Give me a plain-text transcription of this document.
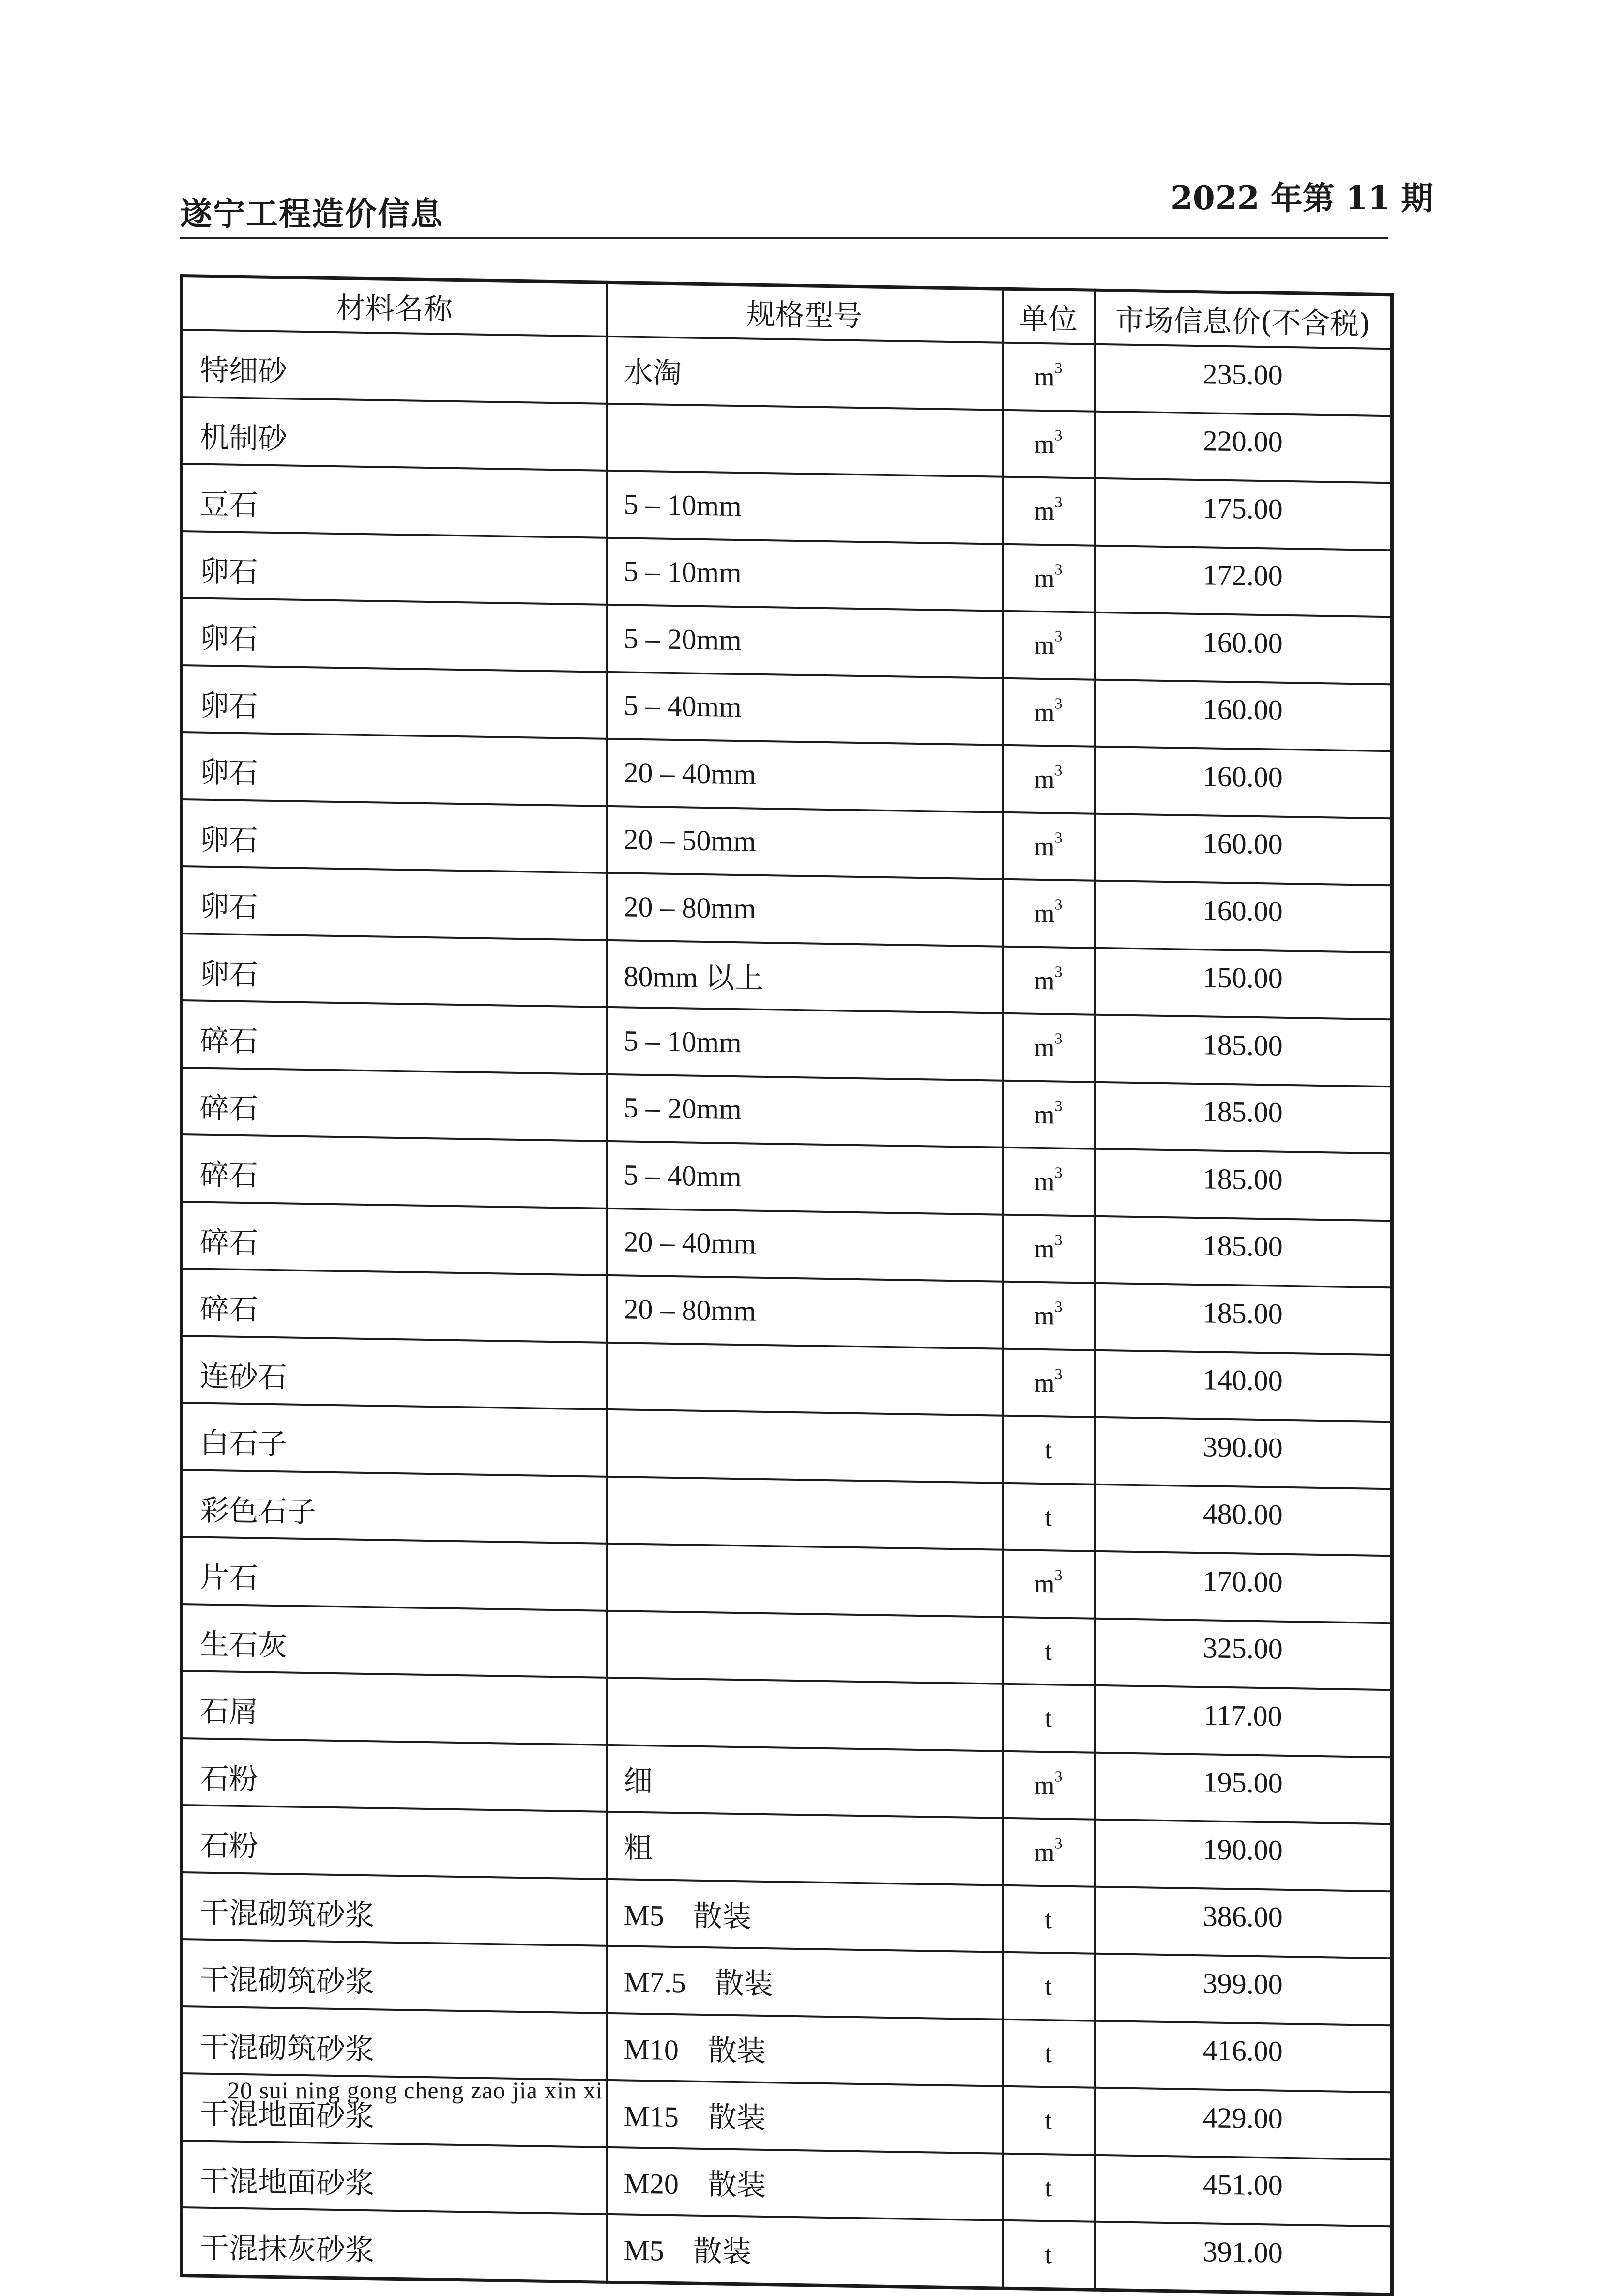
遂宁工程造价信息	2022 年第 11 期
材料名称	规格型号	单位	市场信息价(不含税)
特细砂	水淘	$m^3$	235.00
机制砂		$m^3$	220.00
豆石	5 – 10mm	$m^3$	175.00
卵石	5 – 10mm	$m^3$	172.00
卵石	5 – 20mm	$m^3$	160.00
卵石	5 – 40mm	$m^3$	160.00
卵石	20 – 40mm	$m^3$	160.00
卵石	20 – 50mm	$m^3$	160.00
卵石	20 – 80mm	$m^3$	160.00
卵石	80mm 以上	$m^3$	150.00
碎石	5 – 10mm	$m^3$	185.00
碎石	5 – 20mm	$m^3$	185.00
碎石	5 – 40mm	$m^3$	185.00
碎石	20 – 40mm	$m^3$	185.00
碎石	20 – 80mm	$m^3$	185.00
连砂石		$m^3$	140.00
白石子		t	390.00
彩色石子		t	480.00
片石		$m^3$	170.00
生石灰		t	325.00
石屑		t	117.00
石粉	细	$m^3$	195.00
石粉	粗	$m^3$	190.00
干混砌筑砂浆	M5　散装	t	386.00
干混砌筑砂浆	M7.5　散装	t	399.00
干混砌筑砂浆	M10　散装	t	416.00
干混地面砂浆	M15　散装	t	429.00
干混地面砂浆	M20　散装	t	451.00
干混抹灰砂浆	M5　散装	t	391.00
20 sui ning gong cheng zao jia xin xi
